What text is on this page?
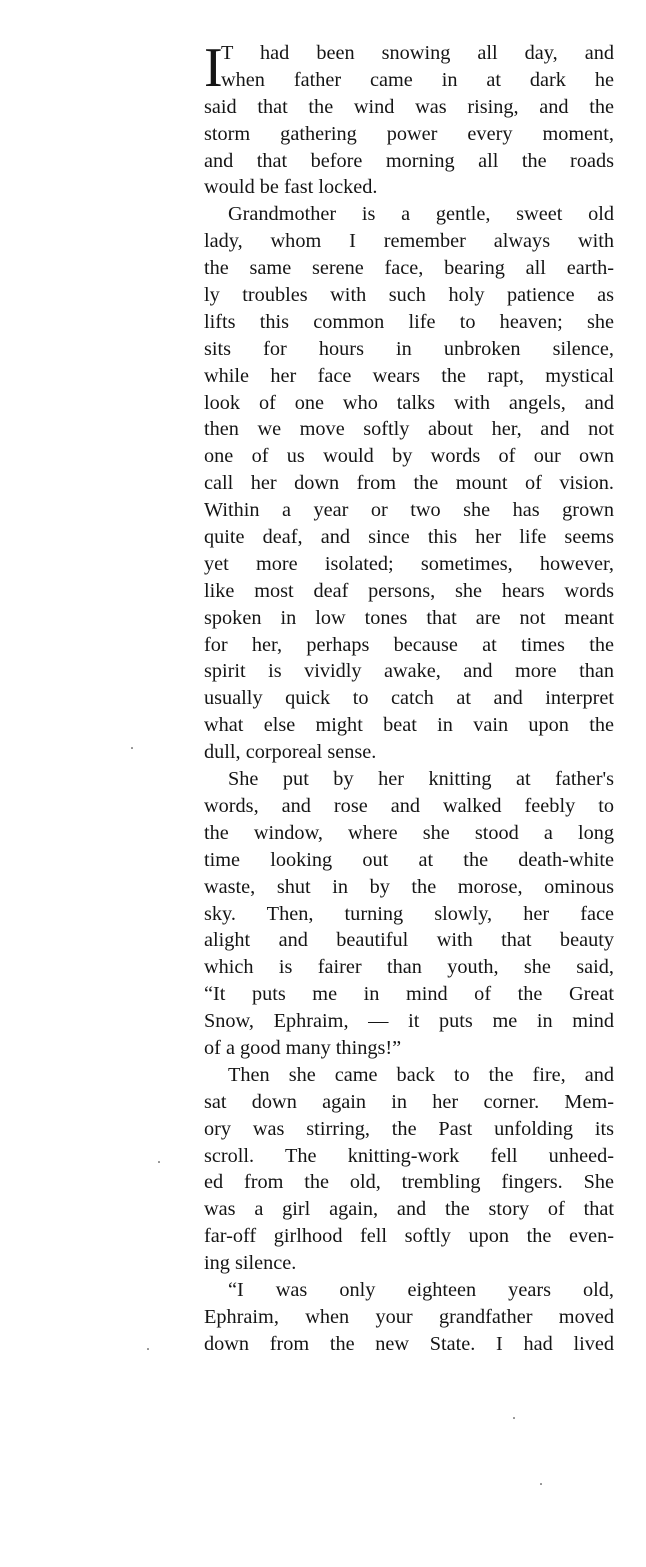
T had been snowing all day, and
when father came in at dark he
said that the wind was rising, and the
storm gathering power every moment,
and that before morning all the roads
would be fast locked.
I
Grandmother is a gentle, sweet old
lady, whom I remember always with
the same serene face, bearing all earth-
ly troubles with such holy patience as
lifts this common life to heaven; she
sits for hours in unbroken silence,
while her face wears the rapt, mystical
look of one who talks with angels, and
then we move softly about her, and not
one of us would by words of our own
call her down from the mount of vision.
Within a year or two she has grown
quite deaf, and since this her life seems
yet more isolated; sometimes, however,
like most deaf persons, she hears words
spoken in low tones that are not meant
for her, perhaps because at times the
spirit is vividly awake, and more than
usually quick to catch at and interpret
what else might beat in vain upon the
dull, corporeal sense.
She put by her knitting at father's
words, and rose and walked feebly to
the window, where she stood a long
time looking out at the death-white
waste, shut in by the morose, ominous
sky. Then, turning slowly, her face
alight and beautiful with that beauty
which is fairer than youth, she said,
“It puts me in mind of the Great
Snow, Ephraim, — it puts me in mind
of a good many things!”
Then she came back to the fire, and
sat down again in her corner. Mem-
ory was stirring, the Past unfolding its
scroll. The knitting-work fell unheed-
ed from the old, trembling fingers. She
was a girl again, and the story of that
far-off girlhood fell softly upon the even-
ing silence.
“I was only eighteen years old,
Ephraim, when your grandfather moved
down from the new State. I had lived
